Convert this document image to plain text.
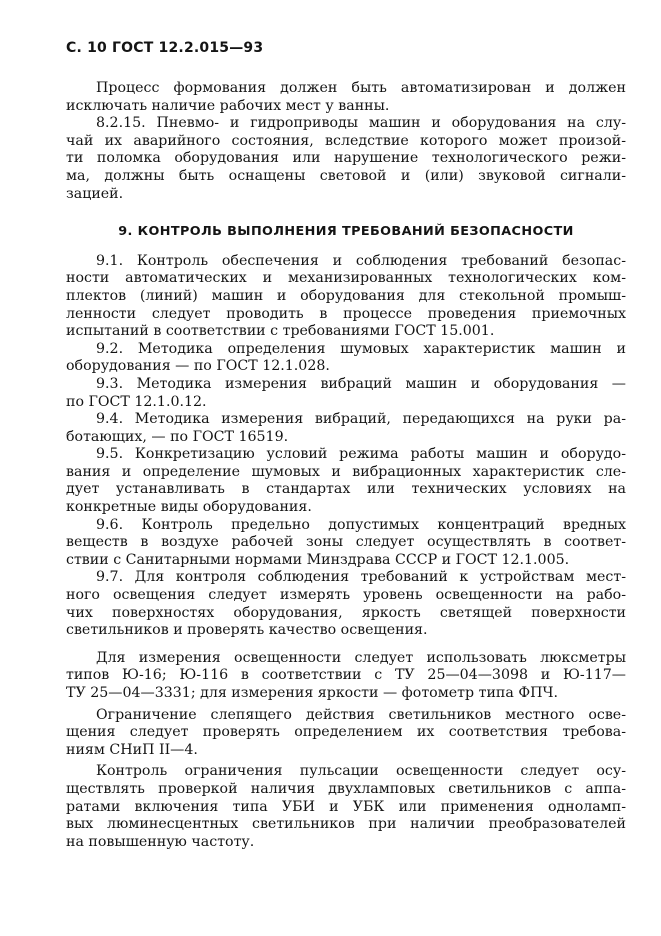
С. 10 ГОСТ 12.2.015—93
Процесс формования должен быть автоматизирован и должен
исключать наличие рабочих мест у ванны.
8.2.15. Пневмо- и гидроприводы машин и оборудования на слу-
чай их аварийного состояния, вследствие которого может произой-
ти поломка оборудования или нарушение технологического режи-
ма, должны быть оснащены световой и (или) звуковой сигнали-
зацией.
9. КОНТРОЛЬ ВЫПОЛНЕНИЯ ТРЕБОВАНИЙ БЕЗОПАСНОСТИ
9.1. Контроль обеспечения и соблюдения требований безопас-
ности автоматических и механизированных технологических ком-
плектов (линий) машин и оборудования для стекольной промыш-
ленности следует проводить в процессе проведения приемочных
испытаний в соответствии с требованиями ГОСТ 15.001.
9.2. Методика определения шумовых характеристик машин и
оборудования — по ГОСТ 12.1.028.
9.3. Методика измерения вибраций машин и оборудования —
по ГОСТ 12.1.0.12.
9.4. Методика измерения вибраций, передающихся на руки ра-
ботающих, — по ГОСТ 16519.
9.5. Конкретизацию условий режима работы машин и оборудо-
вания и определение шумовых и вибрационных характеристик сле-
дует устанавливать в стандартах или технических условиях на
конкретные виды оборудования.
9.6. Контроль предельно допустимых концентраций вредных
веществ в воздухе рабочей зоны следует осуществлять в соответ-
ствии с Санитарными нормами Минздрава СССР и ГОСТ 12.1.005.
9.7. Для контроля соблюдения требований к устройствам мест-
ного освещения следует измерять уровень освещенности на рабо-
чих поверхностях оборудования, яркость светящей поверхности
светильников и проверять качество освещения.
Для измерения освещенности следует использовать люксметры
типов Ю-16; Ю-116 в соответствии с ТУ 25—04—3098 и Ю-117—
ТУ 25—04—3331; для измерения яркости — фотометр типа ФПЧ.
Ограничение слепящего действия светильников местного осве-
щения следует проверять определением их соответствия требова-
ниям СНиП II—4.
Контроль ограничения пульсации освещенности следует осу-
ществлять проверкой наличия двухламповых светильников с аппа-
ратами включения типа УБИ и УБК или применения одноламп-
вых люминесцентных светильников при наличии преобразователей
на повышенную частоту.
